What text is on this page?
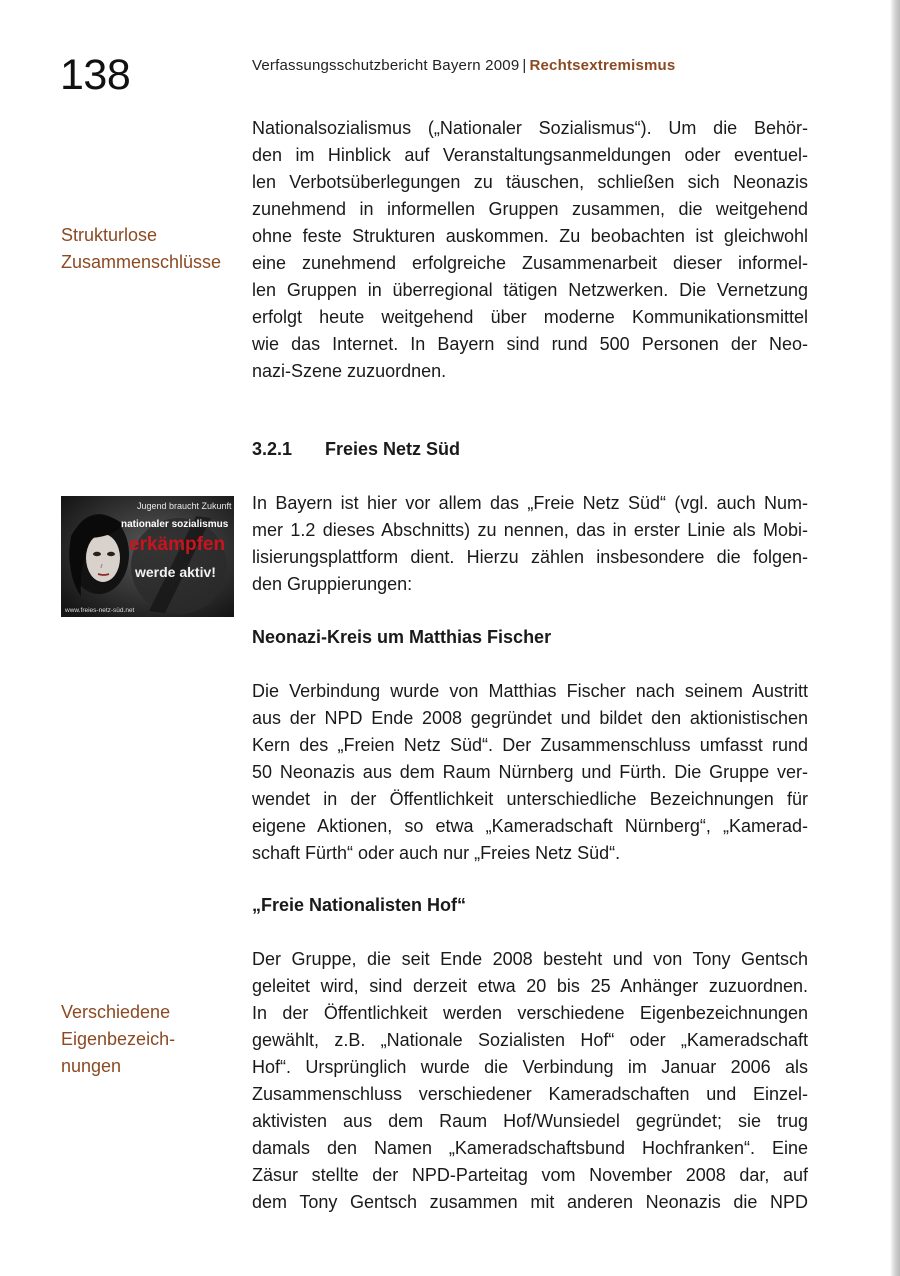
138	Verfassungsschutzbericht Bayern 2009 | Rechtsextremismus
Nationalsozialismus („Nationaler Sozialismus“). Um die Behör-
den im Hinblick auf Veranstaltungsanmeldungen oder eventuel-
len Verbotsüberlegungen zu täuschen, schließen sich Neonazis
zunehmend in informellen Gruppen zusammen, die weitgehend
ohne feste Strukturen auskommen. Zu beobachten ist gleichwohl
eine zunehmend erfolgreiche Zusammenarbeit dieser informel-
len Gruppen in überregional tätigen Netzwerken. Die Vernetzung
erfolgt heute weitgehend über moderne Kommunikationsmittel
wie das Internet. In Bayern sind rund 500 Personen der Neo-
nazi-Szene zuzuordnen.
Strukturlose
Zusammenschlüsse
3.2.1 Freies Netz Süd
Jugend braucht Zukunft
nationaler sozialismus
erkämpfen
werde aktiv!
www.freies-netz-süd.net
In Bayern ist hier vor allem das „Freie Netz Süd“ (vgl. auch Num-
mer 1.2 dieses Abschnitts) zu nennen, das in erster Linie als Mobi-
lisierungsplattform dient. Hierzu zählen insbesondere die folgen-
den Gruppierungen:
Neonazi-Kreis um Matthias Fischer
Die Verbindung wurde von Matthias Fischer nach seinem Austritt
aus der NPD Ende 2008 gegründet und bildet den aktionistischen
Kern des „Freien Netz Süd“. Der Zusammenschluss umfasst rund
50 Neonazis aus dem Raum Nürnberg und Fürth. Die Gruppe ver-
wendet in der Öffentlichkeit unterschiedliche Bezeichnungen für
eigene Aktionen, so etwa „Kameradschaft Nürnberg“, „Kamerad-
schaft Fürth“ oder auch nur „Freies Netz Süd“.
„Freie Nationalisten Hof“
Der Gruppe, die seit Ende 2008 besteht und von Tony Gentsch
geleitet wird, sind derzeit etwa 20 bis 25 Anhänger zuzuordnen.
In der Öffentlichkeit werden verschiedene Eigenbezeichnungen
gewählt, z.B. „Nationale Sozialisten Hof“ oder „Kameradschaft
Hof“. Ursprünglich wurde die Verbindung im Januar 2006 als
Zusammenschluss verschiedener Kameradschaften und Einzel-
aktivisten aus dem Raum Hof/Wunsiedel gegründet; sie trug
damals den Namen „Kameradschaftsbund Hochfranken“. Eine
Zäsur stellte der NPD-Parteitag vom November 2008 dar, auf
dem Tony Gentsch zusammen mit anderen Neonazis die NPD
Verschiedene
Eigenbezeich-
nungen
